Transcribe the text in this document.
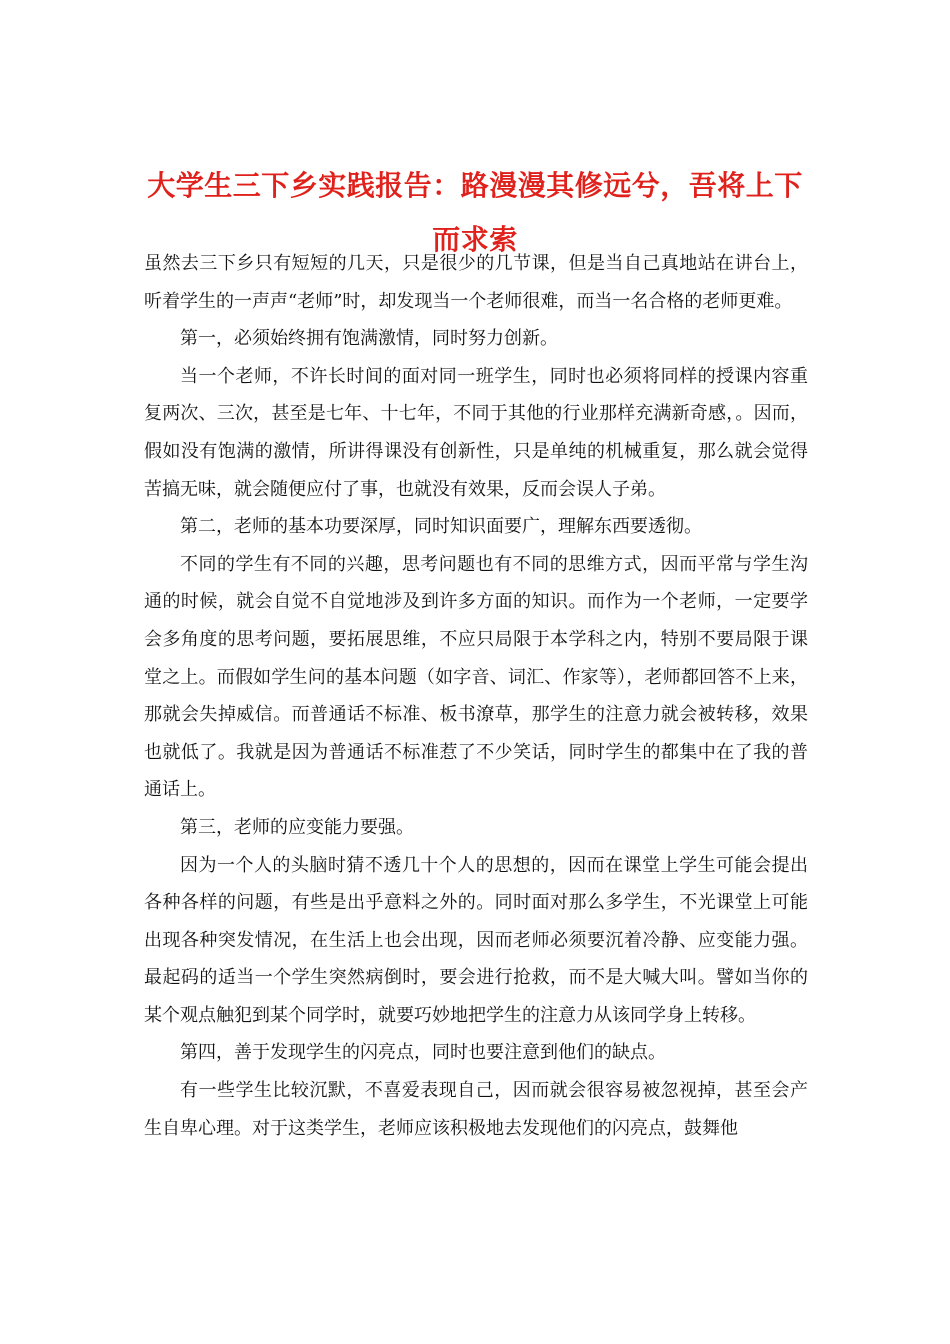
大学生三下乡实践报告：路漫漫其修远兮，吾将上下而求索

虽然去三下乡只有短短的几天，只是很少的几节课，但是当自己真地站在讲台上，听着学生的一声声“老师”时，却发现当一个老师很难，而当一名合格的老师更难。

第一，必须始终拥有饱满激情，同时努力创新。

当一个老师，不许长时间的面对同一班学生，同时也必须将同样的授课内容重复两次、三次，甚至是七年、十七年，不同于其他的行业那样充满新奇感，。因而，假如没有饱满的激情，所讲得课没有创新性，只是单纯的机械重复，那么就会觉得苦搞无味，就会随便应付了事，也就没有效果，反而会误人子弟。

第二，老师的基本功要深厚，同时知识面要广，理解东西要透彻。

不同的学生有不同的兴趣，思考问题也有不同的思维方式，因而平常与学生沟通的时候，就会自觉不自觉地涉及到许多方面的知识。而作为一个老师，一定要学会多角度的思考问题，要拓展思维，不应只局限于本学科之内，特别不要局限于课堂之上。而假如学生问的基本问题（如字音、词汇、作家等），老师都回答不上来，那就会失掉威信。而普通话不标准、板书潦草，那学生的注意力就会被转移，效果也就低了。我就是因为普通话不标准惹了不少笑话，同时学生的都集中在了我的普通话上。

第三，老师的应变能力要强。

因为一个人的头脑时猜不透几十个人的思想的，因而在课堂上学生可能会提出各种各样的问题，有些是出乎意料之外的。同时面对那么多学生，不光课堂上可能出现各种突发情况，在生活上也会出现，因而老师必须要沉着冷静、应变能力强。最起码的适当一个学生突然病倒时，要会进行抢救，而不是大喊大叫。譬如当你的某个观点触犯到某个同学时，就要巧妙地把学生的注意力从该同学身上转移。

第四，善于发现学生的闪亮点，同时也要注意到他们的缺点。

有一些学生比较沉默，不喜爱表现自己，因而就会很容易被忽视掉，甚至会产生自卑心理。对于这类学生，老师应该积极地去发现他们的闪亮点，鼓舞他
